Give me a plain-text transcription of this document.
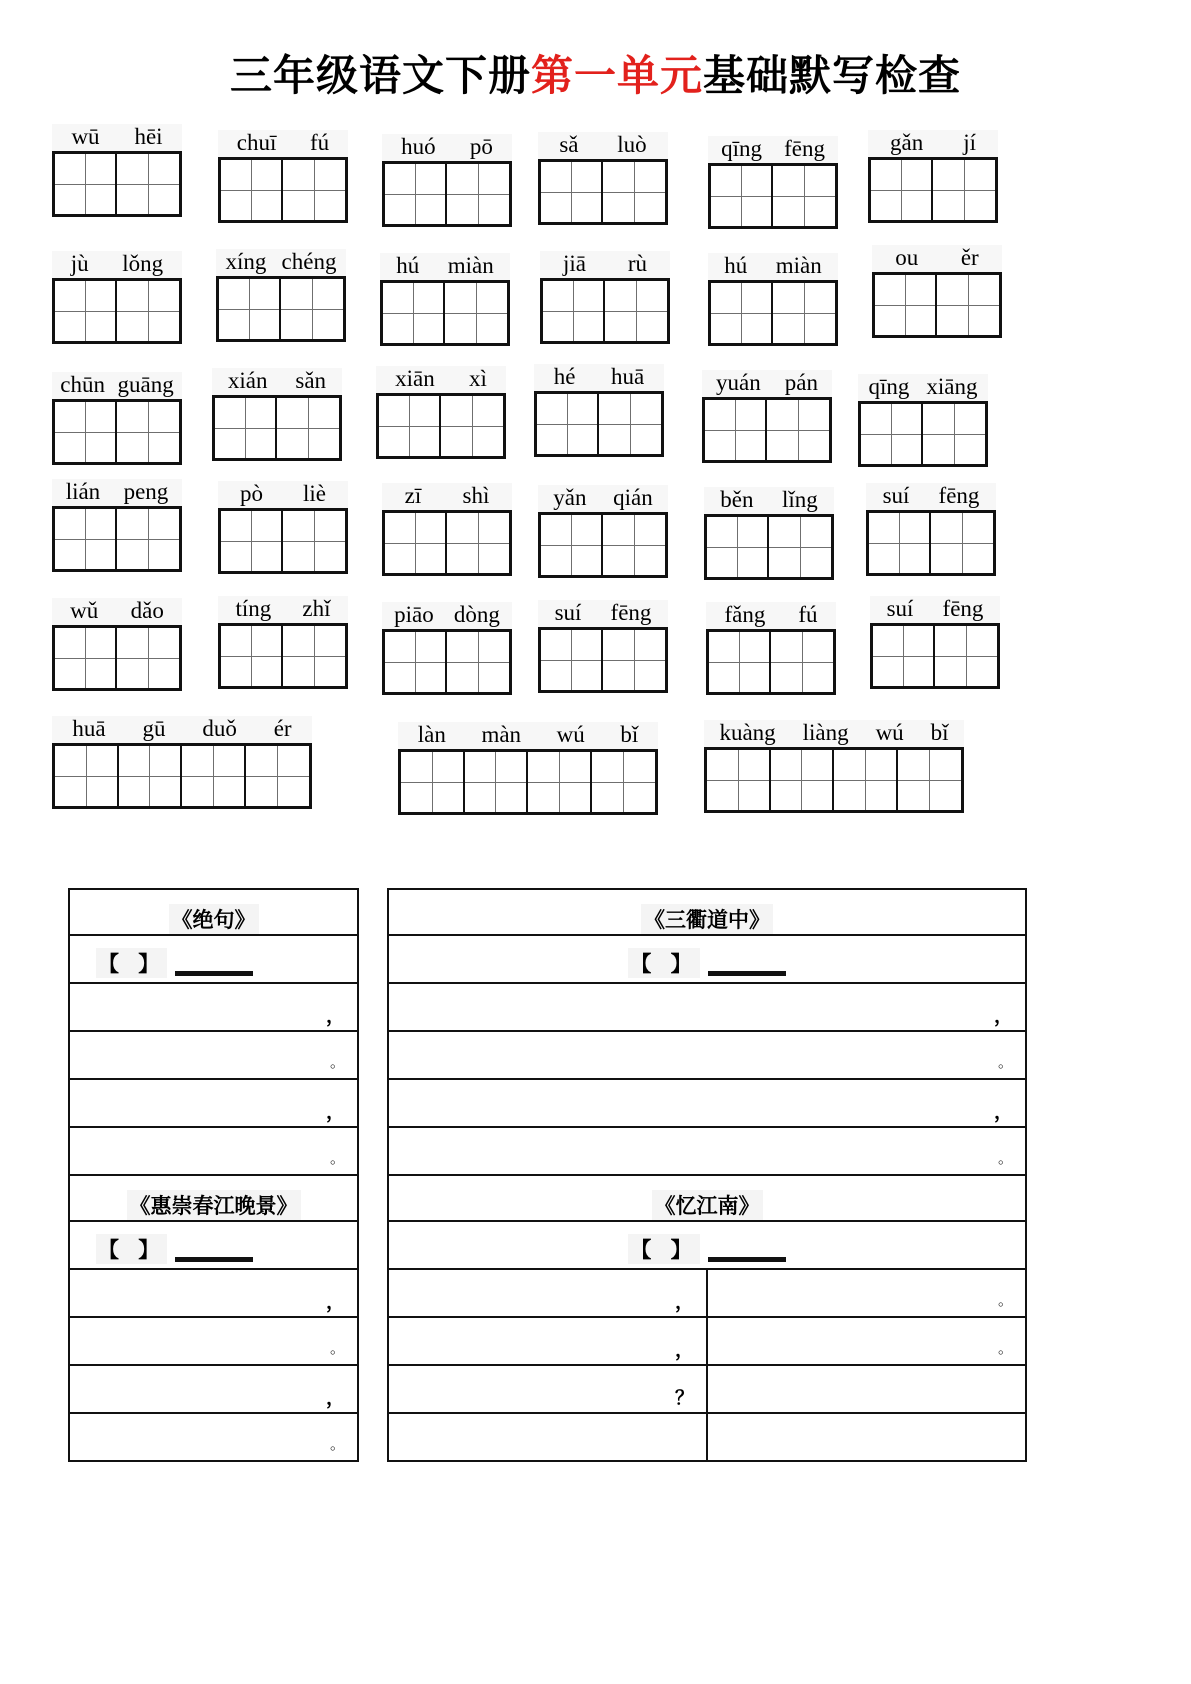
三年级语文下册第一单元基础默写检查
wū	hēi	chuī	fú	huó	pō	sǎ	luò	qīng fēng	gǎn	jí
jù	lǒng	xíng chéng	hú	miàn	jiā	rù	hú	miàn	ou	ěr
chūn guāng	xián	sǎn	xiān	xì	hé	huā	yuán	pán	qīng xiāng
lián	peng	pò	liè	zī	shì	yǎn	qián	běn	lǐng	suí	fēng
wǔ	dǎo	tíng	zhǐ	piāo dòng	suí	fēng	fǎng	fú	suí	fēng
huā	gū	duǒ	ér	làn	màn	wú	bǐ	kuàng	liàng	wú	bǐ
《绝句》

【 】

，

。

，

。
《惠崇春江晚景》

【 】

，

。

，

。
《三衢道中》

【 】

，

。

，

。
《忆江南》	

【 】	

，	。

，	。

？	
